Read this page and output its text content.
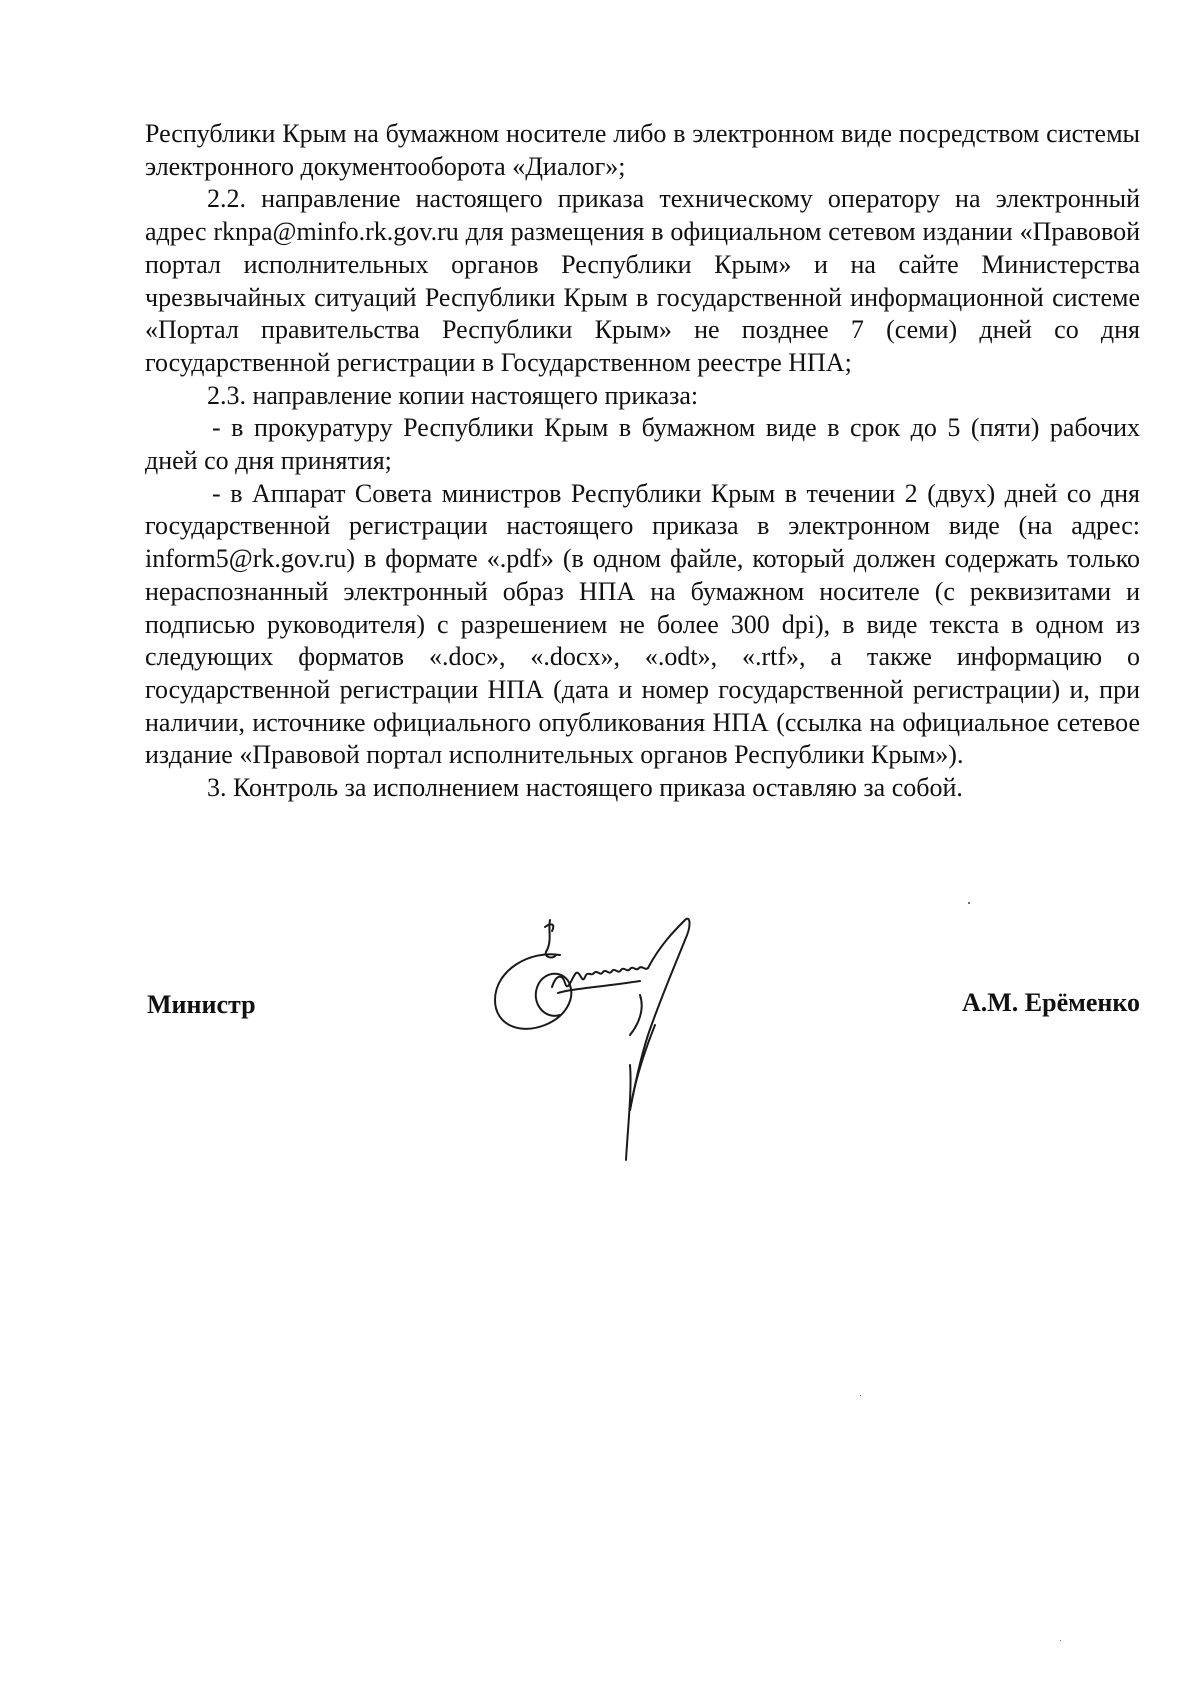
Республики Крым на бумажном носителе либо в электронном виде посредством системы электронного документооборота «Диалог»;

2.2. направление настоящего приказа техническому оператору на электронный адрес rknpa@minfo.rk.gov.ru для размещения в официальном сетевом издании «Правовой портал исполнительных органов Республики Крым» и на сайте Министерства чрезвычайных ситуаций Республики Крым в государственной информационной системе «Портал правительства Республики Крым» не позднее 7 (семи) дней со дня государственной регистрации в Государственном реестре НПА;

2.3. направление копии настоящего приказа:

- в прокуратуру Республики Крым в бумажном виде в срок до 5 (пяти) рабочих дней со дня принятия;

- в Аппарат Совета министров Республики Крым в течении 2 (двух) дней со дня государственной регистрации настоящего приказа в электронном виде (на адрес: inform5@rk.gov.ru) в формате «.pdf» (в одном файле, который должен содержать только нераспознанный электронный образ НПА на бумажном носителе (с реквизитами и подписью руководителя) с разрешением не более 300 dpi), в виде текста в одном из следующих форматов «.doc», «.docx», «.odt», «.rtf», а также информацию о государственной регистрации НПА (дата и номер государственной регистрации) и, при наличии, источнике официального опубликования НПА (ссылка на официальное сетевое издание «Правовой портал исполнительных органов Республики Крым»).

3. Контроль за исполнением настоящего приказа оставляю за собой.

Министр	А.М. Ерёменко
